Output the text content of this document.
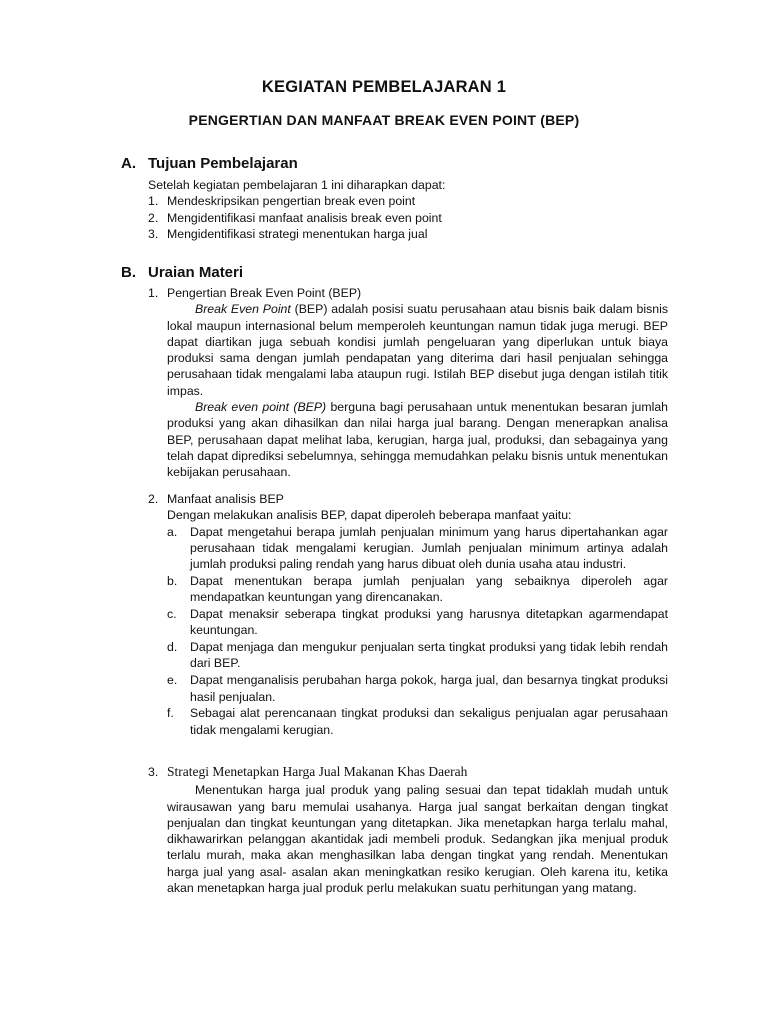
KEGIATAN PEMBELAJARAN 1
PENGERTIAN DAN MANFAAT BREAK EVEN POINT (BEP)
A. Tujuan Pembelajaran
Setelah kegiatan pembelajaran 1 ini diharapkan dapat:
1. Mendeskripsikan pengertian break even point
2. Mengidentifikasi manfaat analisis break even point
3. Mengidentifikasi strategi menentukan harga jual
B. Uraian Materi
1. Pengertian Break Even Point (BEP)

Break Even Point (BEP) adalah posisi suatu perusahaan atau bisnis baik dalam bisnis lokal maupun internasional belum memperoleh keuntungan namun tidak juga merugi. BEP dapat diartikan juga sebuah kondisi jumlah pengeluaran yang diperlukan untuk biaya produksi sama dengan jumlah pendapatan yang diterima dari hasil penjualan sehingga perusahaan tidak mengalami laba ataupun rugi. Istilah BEP disebut juga dengan istilah titik impas.

Break even point (BEP) berguna bagi perusahaan untuk menentukan besaran jumlah produksi yang akan dihasilkan dan nilai harga jual barang. Dengan menerapkan analisa BEP, perusahaan dapat melihat laba, kerugian, harga jual, produksi, dan sebagainya yang telah dapat diprediksi sebelumnya, sehingga memudahkan pelaku bisnis untuk menentukan kebijakan perusahaan.

2. Manfaat analisis BEP
Dengan melakukan analisis BEP, dapat diperoleh beberapa manfaat yaitu:
a. Dapat mengetahui berapa jumlah penjualan minimum yang harus dipertahankan agar perusahaan tidak mengalami kerugian. Jumlah penjualan minimum artinya adalah jumlah produksi paling rendah yang harus dibuat oleh dunia usaha atau industri.
b. Dapat menentukan berapa jumlah penjualan yang sebaiknya diperoleh agar mendapatkan keuntungan yang direncanakan.
c. Dapat menaksir seberapa tingkat produksi yang harusnya ditetapkan agarmendapat keuntungan.
d. Dapat menjaga dan mengukur penjualan serta tingkat produksi yang tidak lebih rendah dari BEP.
e. Dapat menganalisis perubahan harga pokok, harga jual, dan besarnya tingkat produksi hasil penjualan.
f. Sebagai alat perencanaan tingkat produksi dan sekaligus penjualan agar perusahaan tidak mengalami kerugian.
3. Strategi Menetapkan Harga Jual Makanan Khas Daerah

Menentukan harga jual produk yang paling sesuai dan tepat tidaklah mudah untuk wirausawan yang baru memulai usahanya. Harga jual sangat berkaitan dengan tingkat penjualan dan tingkat keuntungan yang ditetapkan. Jika menetapkan harga terlalu mahal, dikhawarirkan pelanggan akantidak jadi membeli produk. Sedangkan jika menjual produk terlalu murah, maka akan menghasilkan laba dengan tingkat yang rendah. Menentukan harga jual yang asal- asalan akan meningkatkan resiko kerugian. Oleh karena itu, ketika akan menetapkan harga jual produk perlu melakukan suatu perhitungan yang matang.
